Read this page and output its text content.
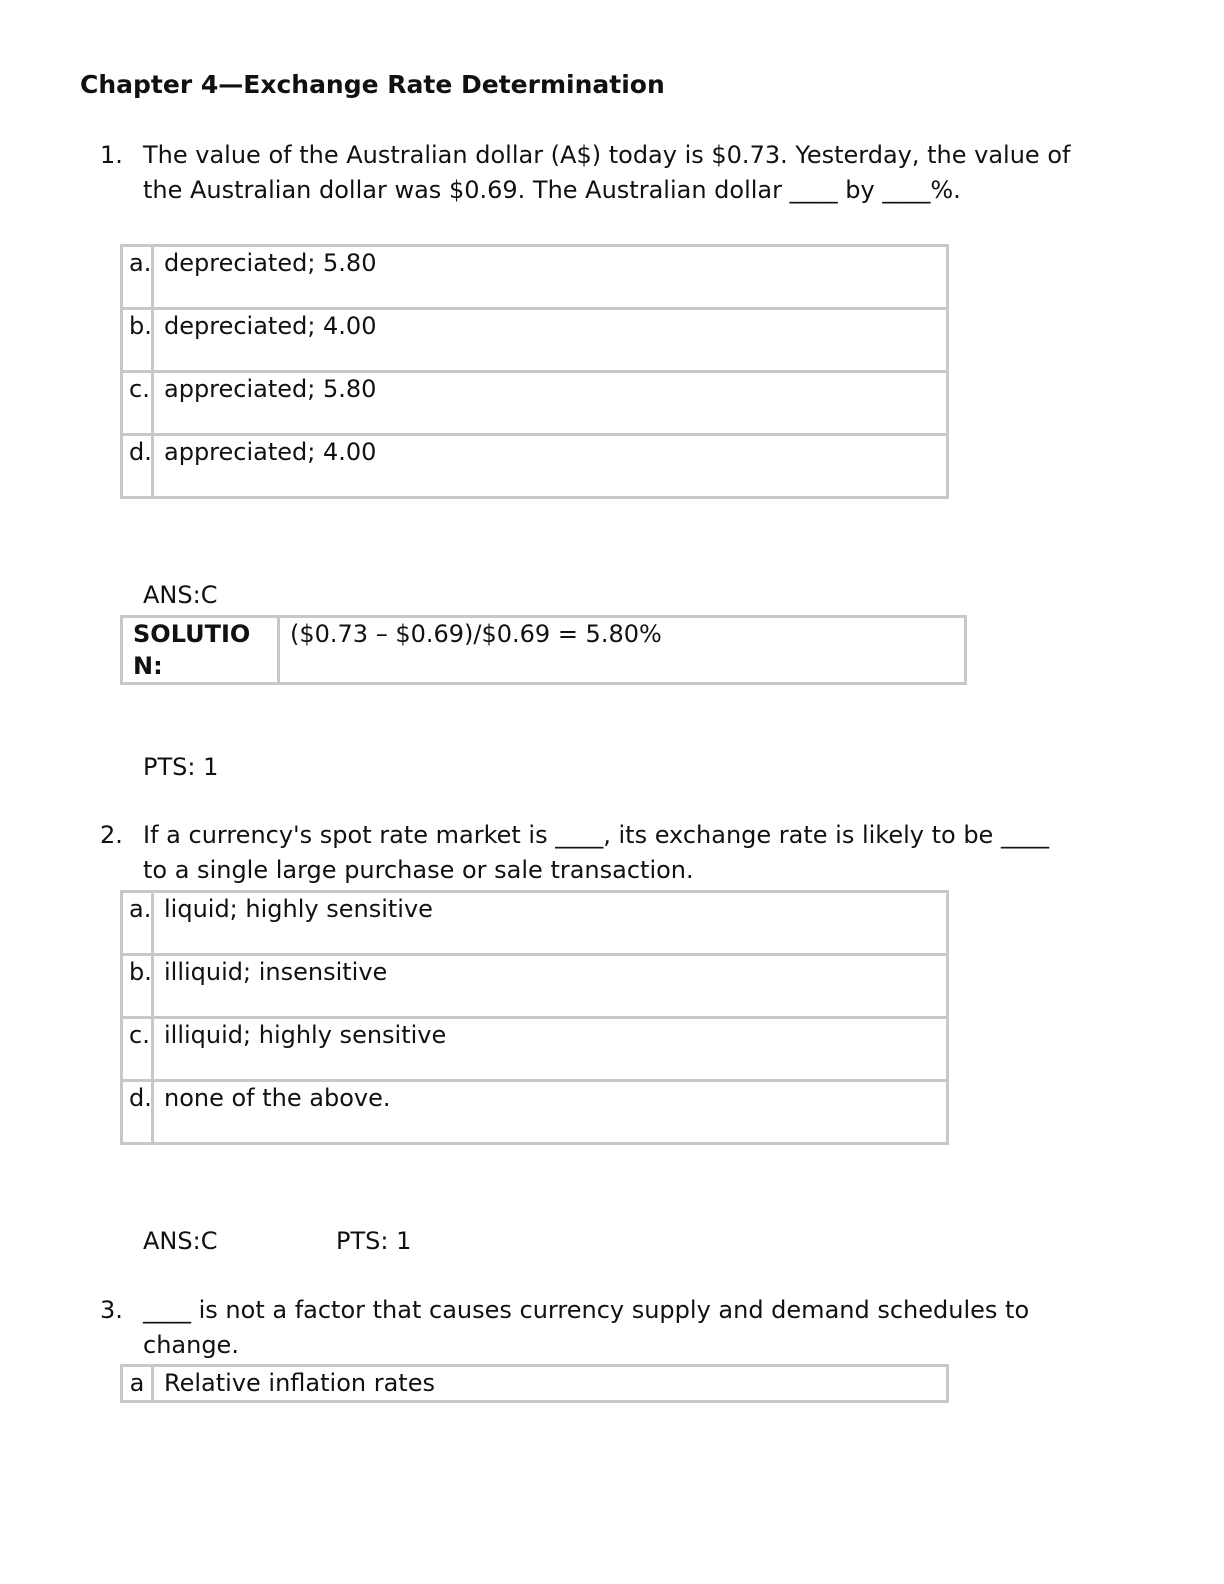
Chapter 4—Exchange Rate Determination
1. The value of the Australian dollar (A$) today is $0.73. Yesterday, the value of the Australian dollar was $0.69. The Australian dollar ____ by ____%.
a.	depreciated; 5.80

b.	depreciated; 4.00

c.	appreciated; 5.80

d.	appreciated; 4.00
ANS:C
SOLUTION:	($0.73 – $0.69)/$0.69 = 5.80%
PTS: 1
2. If a currency's spot rate market is ____, its exchange rate is likely to be ____ to a single large purchase or sale transaction.
a.	liquid; highly sensitive

b.	illiquid; insensitive

c.	illiquid; highly sensitive

d.	none of the above.
ANS:C	PTS: 1
3. ____ is not a factor that causes currency supply and demand schedules to change.
a	Relative inflation rates
